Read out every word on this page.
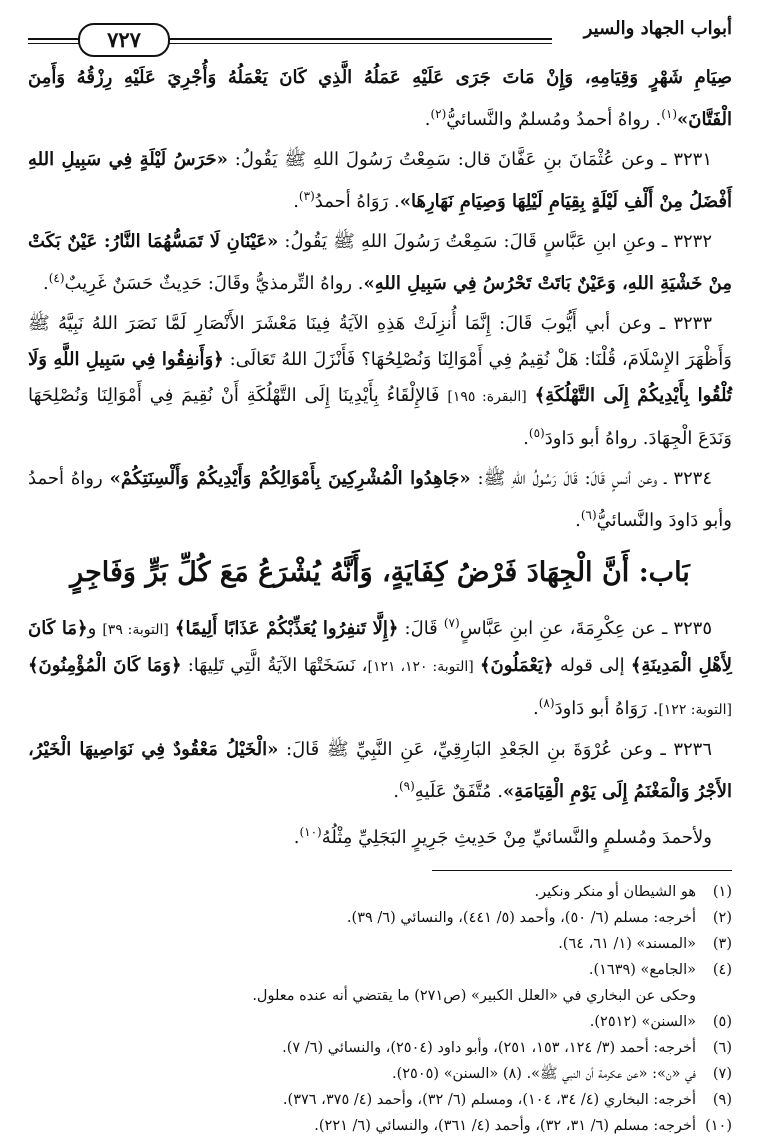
أبواب الجهاد والسير
٧٢٧

صِيَامِ شَهْرٍ وَقِيَامِهِ، وَإِنْ مَاتَ جَرَى عَلَيْهِ عَمَلُهُ الَّذِي كَانَ يَعْمَلُهُ وَأُجْرِيَ عَلَيْهِ رِزْقُهُ وَأَمِنَ الْفَتَّانَ»$^{(١)}$. رواهُ أحمدُ ومُسلمٌ والنَّسائيُّ$^{(٢)}$.

٣٢٣١ ـ وعن عُثْمَانَ بنِ عَفَّانَ قال: سَمِعْتُ رَسُولَ اللهِ ﷺ يَقُولُ: «حَرَسُ لَيْلَةٍ فِي سَبِيلِ اللهِ أَفْضَلُ مِنْ أَلْفِ لَيْلَةٍ بِقِيَامِ لَيْلِهَا وَصِيَامِ نَهَارِهَا». رَوَاهُ أحمدُ$^{(٣)}$.

٣٢٣٢ ـ وعنِ ابنِ عَبَّاسٍ قَالَ: سَمِعْتُ رَسُولَ اللهِ ﷺ يَقُولُ: «عَيْنَانِ لَا تَمَسُّهُمَا النَّارُ: عَيْنٌ بَكَتْ مِنْ خَشْيَةِ اللهِ، وَعَيْنٌ بَاتَتْ تَحْرُسُ فِي سَبِيلِ اللهِ». رواهُ التِّرمذيُّ وقَالَ: حَدِيثٌ حَسَنٌ غَرِيبٌ$^{(٤)}$.

٣٢٣٣ ـ وعن أبي أَيُّوبَ قَالَ: إِنَّمَا أُنزِلَتْ هَذِهِ الآيَةُ فِينَا مَعْشَرَ الأَنْصَارِ لَمَّا نَصَرَ اللهُ نَبِيَّهُ ﷺ وَأَظْهَرَ الإِسْلَامَ، قُلْنَا: هَلْ نُقِيمُ فِي أَمْوَالِنَا وَنُصْلِحُهَا؟ فَأَنْزَلَ اللهُ تَعَالَى: ﴿وَأَنفِقُوا فِي سَبِيلِ اللَّهِ وَلَا تُلْقُوا بِأَيْدِيكُمْ إِلَى التَّهْلُكَةِ﴾ [البقرة: ١٩٥] فَالإِلْقَاءُ بِأَيْدِينَا إِلَى التَّهْلُكَةِ أَنْ نُقِيمَ فِي أَمْوَالِنَا وَنُصْلِحَهَا وَنَدَعَ الْجِهَادَ. رواهُ أبو دَاودَ$^{(٥)}$.

٣٢٣٤ ـ وعن أنسٍ قَالَ: قَالَ رَسُولُ اللهِ ﷺ: «جَاهِدُوا الْمُشْرِكِينَ بِأَمْوَالِكُمْ وَأَيْدِيكُمْ وَأَلْسِنَتِكُمْ» رواهُ أحمدُ وأبو دَاودَ والنَّسائيُّ$^{(٦)}$.

بَاب: أَنَّ الْجِهَادَ فَرْضُ كِفَايَةٍ، وَأَنَّهُ يُشْرَعُ مَعَ كُلِّ بَرٍّ وَفَاجِرٍ

٣٢٣٥ ـ عن عِكْرِمَةَ، عنِ ابنِ عَبَّاسٍ$^{(٧)}$ قَالَ: ﴿إِلَّا تَنفِرُوا يُعَذِّبْكُمْ عَذَابًا أَلِيمًا﴾ [التوبة: ٣٩] و﴿مَا كَانَ لِأَهْلِ الْمَدِينَةِ﴾ إلى قوله ﴿يَعْمَلُونَ﴾ [التوبة: ١٢٠، ١٢١]، نَسَخَتْهَا الآيَةُ الَّتِي تَلِيهَا: ﴿وَمَا كَانَ الْمُؤْمِنُونَ﴾ [التوبة: ١٢٢]. رَوَاهُ أبو دَاودَ$^{(٨)}$.

٣٢٣٦ ـ وعن عُرْوَةَ بنِ الجَعْدِ البَارِقِيِّ، عَنِ النَّبِيِّ ﷺ قَالَ: «الْخَيْلُ مَعْقُودٌ فِي نَوَاصِيهَا الْخَيْرُ، الأَجْرُ وَالْمَغْنَمُ إِلَى يَوْمِ الْقِيَامَةِ». مُتَّفَقٌ عَلَيهِ$^{(٩)}$.

ولأحمدَ ومُسلمٍ والنَّسائيِّ مِنْ حَدِيثِ جَرِيرٍ البَجَلِيِّ مِثْلُهُ$^{(١٠)}$.

(١)
هو الشيطان أو منكر ونكير.
(٢)
أخرجه: مسلم (٦/ ٥٠)، وأحمد (٥/ ٤٤١)، والنسائي (٦/ ٣٩).
(٣)
«المسند» (١/ ٦١، ٦٤).
(٤)
«الجامع» (١٦٣٩).
وحكى عن البخاري في «العلل الكبير» (ص٢٧١) ما يقتضي أنه عنده معلول.
(٥)
«السنن» (٢٥١٢).
(٦)
أخرجه: أحمد (٣/ ١٢٤، ١٥٣، ٢٥١)، وأبو داود (٢٥٠٤)، والنسائي (٦/ ٧).
(٧)
في «ن»: «عن عكرمة أن النبي ﷺ». (٨) «السنن» (٢٥٠٥).
(٩)
أخرجه: البخاري (٤/ ٣٤، ١٠٤)، ومسلم (٦/ ٣٢)، وأحمد (٤/ ٣٧٥، ٣٧٦).
(١٠)
أخرجه: مسلم (٦/ ٣١، ٣٢)، وأحمد (٤/ ٣٦١)، والنسائي (٦/ ٢٢١).
